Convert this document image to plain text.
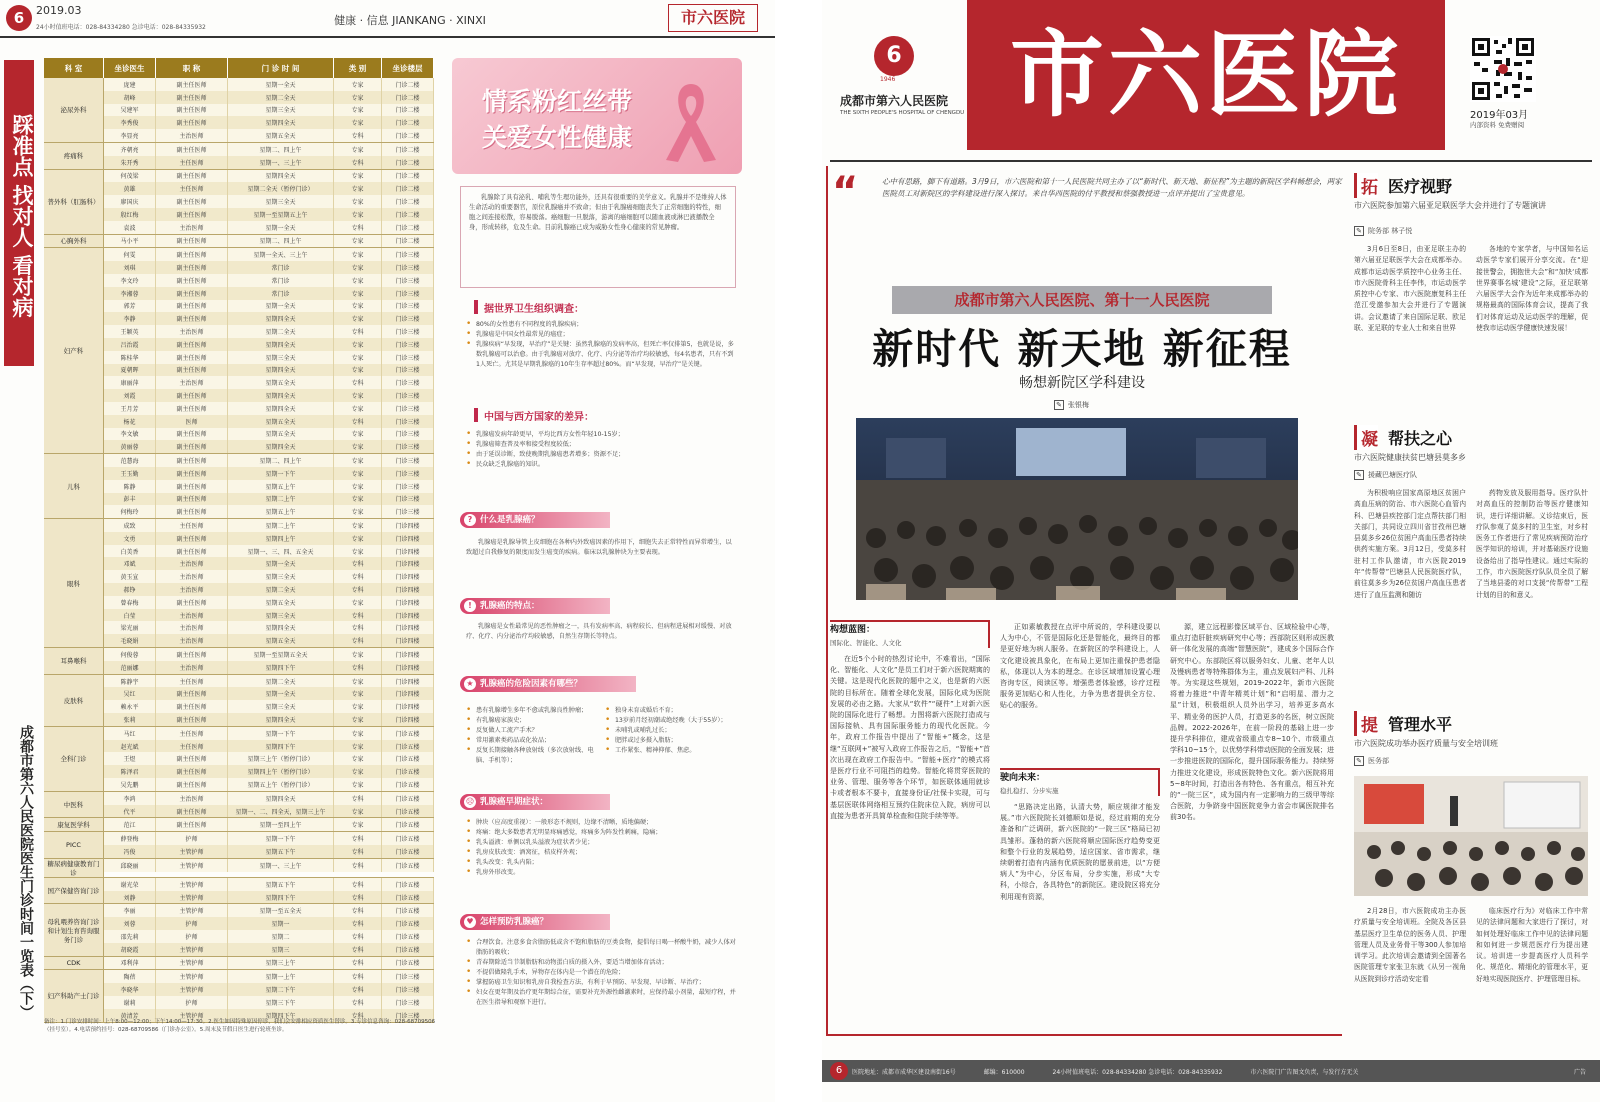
6	2019.03
24小时值班电话：028-84334280 急诊电话：028-84335932
健康 · 信息 JIANKANG · XINXI	市六医院
踩准点 找对人 看对病
成都市第六人民医院医生门诊时间一览表（下）
科 室	坐诊医生	职 称	门 诊 时 间	类 别	坐诊楼层
泌尿外科
庞建	副主任医师	星期一全天	专家	门诊二楼
胡峰	副主任医师	星期二全天	专家	门诊二楼
吴建军	副主任医师	星期三全天	专家	门诊二楼
李秀俊	副主任医师	星期四全天	专家	门诊二楼
李显亮	主治医师	星期五全天	专科	门诊二楼
疼痛科
齐朝亮	副主任医师	星期二、四上午	专家	门诊二楼
朱开秀	主任医师	星期一、三上午	专科	门诊二楼
普外科（肛肠科）
何茂梁	副主任医师	星期四全天	专家	门诊二楼
黄雄	主任医师	星期二全天（暂停门诊）	专家	门诊二楼
廖国庆	副主任医师	星期三全天	专家	门诊二楼
殷红梅	副主任医师	星期一至星期五上午	专家	门诊二楼
袁波	主治医师	星期一全天	专科	门诊二楼
心胸外科	马小平	副主任医师	星期二、四上午	专家	门诊二楼
妇产科
何雯	副主任医师	星期一全天、三上午	专家	门诊三楼
刘琪	副主任医师	常门诊	专家	门诊三楼
李文玲	副主任医师	常门诊	专家	门诊三楼
李湘蓉	副主任医师	常门诊	专家	门诊三楼
郭芳	副主任医师	星期一全天	专家	门诊三楼
李静	副主任医师	星期四全天	专家	门诊三楼
王颖英	主治医师	星期二全天	专科	门诊三楼
吕治霞	副主任医师	星期四全天	专家	门诊三楼
陈桂华	副主任医师	星期三全天	专家	门诊三楼
夏朝晖	副主任医师	星期四全天	专家	门诊三楼
康丽萍	主治医师	星期五全天	专科	门诊三楼
刘霞	副主任医师	星期四全天	专家	门诊三楼
王月芳	副主任医师	星期四全天	专家	门诊三楼
杨花	医师	星期五全天	专科	门诊三楼
李文敏	副主任医师	星期五全天	专家	门诊三楼
黄丽蓉	副主任医师	星期四全天	专家	门诊三楼
儿科
范慧海	副主任医师	星期二、四上午	专家	门诊三楼
王玉勤	副主任医师	星期一下午	专家	门诊三楼
陈静	副主任医师	星期五上午	专家	门诊三楼
彭丰	副主任医师	星期二上午	专家	门诊三楼
何梅玲	副主任医师	星期五上午	专家	门诊三楼
眼科
成致	主任医师	星期二上午	专家	门诊四楼
文勇	副主任医师	星期四上午	专家	门诊四楼
白美香	副主任医师	星期一、三、四、五全天	专家	门诊四楼
邓斌	主治医师	星期一全天	专科	门诊四楼
黄玉宣	主治医师	星期三全天	专科	门诊四楼
郝铮	主治医师	星期二全天	专科	门诊四楼
曾春梅	副主任医师	星期五全天	专家	门诊四楼
白莹	主治医师	星期三全天	专科	门诊四楼
梁光丽	主治医师	星期四全天	专科	门诊四楼
毛晓娟	主治医师	星期五全天	专科	门诊四楼
耳鼻喉科
何俊蓉	副主任医师	星期一至星期五全天	专家	门诊四楼
范丽娜	主治医师	星期四下午	专科	门诊四楼
皮肤科
陈静宇	主任医师	星期二全天	专家	门诊四楼
吴红	副主任医师	星期一全天	专家	门诊四楼
赖永平	副主任医师	星期三全天	专家	门诊四楼
张莉	副主任医师	星期四全天	专家	门诊四楼
全科门诊
马红	主任医师	星期一下午	专家	门诊五楼
赵光斌	主任医师	星期四下午	专家	门诊五楼
王煜	副主任医师	星期三上午（暂停门诊）	专家	门诊五楼
陈泽君	副主任医师	星期四上午（暂停门诊）	专家	门诊五楼
吴先鹏	副主任医师	星期五上午（暂停门诊）	专家	门诊五楼
中医科
李鸿	主治医师	星期四全天	专科	门诊五楼
代平	副主任医师	星期一、二、四全天，星期三上午	专家	门诊五楼
康复医学科	范江	副主任医师	星期一至四上午	专家	门诊五楼
PICC
薛登梅	护师	星期一下午	专科	门诊五楼
冯俊	主管护师	星期五下午	专科	门诊五楼
糖尿病健康教育门诊
邱晓丽	主管护师	星期一、三上午	专科	门诊五楼
国产保健咨询门诊
谢光荣	主管护师	星期五下午	专科	门诊五楼
刘静	主管护师	星期四下午	专科	门诊五楼
母乳喂养咨询门诊和计划生育咨询服务门诊
李丽	主管护师	星期一至五全天	专科	门诊五楼
刘蓉	护师	星期一	专科	门诊五楼
邵先莉	护师	星期二	专科	门诊五楼
胡晓霞	主管护师	星期三	专科	门诊五楼
CDK	邓利萍	主管护师	星期三上午	专科	门诊五楼
妇产科助产士门诊
陶蓓	主管护师	星期一上午	专科	门诊三楼
李晓华	主管护师	星期二下午	专科	门诊三楼
谢莉	护师	星期三下午	专科	门诊三楼
黄清芳	主管护师	星期四下午	专科	门诊三楼
备注：1.门诊安排时间：上午8:00—12:00；下午14:00—17:30。2.医生如因特殊原因停诊，我们会安排相应资质医生替诊。3.专诊信息咨询：028-68709506（挂号室）。4.电话预约挂号：028-68709586（门诊办公室）。5.周末及节假日医生进行轮班坐诊。
情系粉红丝带
关爱女性健康
乳腺除了具有泌乳、哺乳等生理功能外，还具有很重要的美学意义。乳腺并不是维持人体生命活动的重要器官，原位乳腺癌并不致命；但由于乳腺癌细胞丧失了正常细胞的特性，细胞之间连接松散，容易脱落。癌细胞一旦脱落，游离的癌细胞可以随血液或淋巴液播散全身，形成转移，危及生命。目前乳腺癌已成为威胁女性身心健康的常见肿瘤。
据世界卫生组织调查：
• 80%的女性患有不同程度的乳腺疾病；
• 乳腺癌是中国女性最常见的癌症；
• 乳腺疾病“早发现，早治疗”是关键：虽然乳腺癌的发病率高，但死亡率仅排第5，也就是说，多数乳腺癌可以治愈。由于乳腺癌对放疗、化疗、内分泌等治疗均较敏感，每4名患者，只有不到1人死亡。尤其是早期乳腺癌的10年生存率超过80%。而“早发现，早治疗”是关键。
中国与西方国家的差异：
• 乳腺癌发病年龄更早，平均比西方女性年轻10-15岁；
• 乳腺癌筛查普及率和接受程度较低；
• 由于延误诊断，致使晚期乳腺癌患者增多；资源不足；
• 民众缺乏乳腺癌的知识。
? 什么是乳腺癌？
乳腺癌是乳腺导管上皮细胞在各种内外致癌因素的作用下，细胞失去正常特性而异常增生，以致超过自我修复的限度而发生癌变的疾病。临床以乳腺肿块为主要表现。
! 乳腺癌的特点：
乳腺癌是女性最常见的恶性肿瘤之一，具有发病率高、病程较长、但病程进展相对缓慢、对放疗、化疗、内分泌治疗均较敏感，自然生存期长等特点。
★ 乳腺癌的危险因素有哪些？
• 患有乳腺增生多年不愈或乳腺良性肿瘤；
• 有乳腺癌家族史；
• 反复做人工流产手术？
• 常用激素类药品或化妆品；
• 反复长期接触各种放射线（多次放射线、电脑、手机等）；
• 独身未育或婚后不育；
• 13岁前月经初潮或绝经晚（大于55岁）；
• 未哺乳或哺乳过长；
• 肥胖或过多摄入脂肪；
• 工作紧张、精神抑郁、焦虑。
☹ 乳腺癌早期症状：
• 肿块（应高度重视）：一般形态不规则，边缘不清晰，质地偏硬；
• 疼痛：绝大多数患者无明显疼痛感觉，疼痛多为阵发性刺痛，隐痛；
• 乳头溢液：单侧以乳头溢液为症状者少见；
• 乳房皮肤改变：酒窝征，桔皮样外观；
• 乳头改变：乳头内陷；
• 乳房外形改变。
♥ 怎样预防乳腺癌？
• 合理饮食。注意多食含脂肪低或含不饱和脂肪的豆类食物，提倡每日喝一杯酸牛奶，减少人体对脂肪的吸收；
• 青春期除适当节制脂肪和动物蛋白质的摄入外，要适当增加体育活动；
• 不提倡做隆乳手术，异物存在体内是一个潜在的危险；
• 掌握防癌卫生知识和乳房自我检查方法，有利于早预防、早发现、早诊断、早治疗；
• 妇女在更年期及治疗更年期综合征，需要补充外源性雌激素时，应保持最小剂量，最短疗程，并在医生指导和观察下进行。
6
1946
成都市第六人民医院
THE SIXTH PEOPLE'S HOSPITAL OF CHENGDU 市六医院	2019年03月
内部资料 免费赠阅
“	心中有思路，脚下有道路。3月9日，市六医院和第十一人民医院共同主办了以“新时代、新天地、新征程”为主题的新院区学科畅想会，两家医院员工对新院区的学科建设进行深入探讨。来自华西医院的付平教授和蔡强教授进一点评并提出了宝贵意见。
成都市第六人民医院、第十一人民医院
新时代 新天地 新征程
畅想新院区学科建设
✎ 张银梅
构想蓝图：
国际化、智能化、人文化
在近5个小时的热烈讨论中，不难看出，“国际化、智能化、人文化”是员工们对于新六医院期寓的关键。这是现代化医院的题中之义，也是新的六医院的目标所在。随着全球化发展，国际化成为医院发展的必由之路。大家从“软件”“硬件”上对新六医院的国际化进行了畅想。力图将新六医院打造成与国际接轨、具有国际服务能力的现代化医院。今年，政府工作报告中提出了“智能+”概念，这是继“互联网+”被写入政府工作报告之后，“智能+”首次出现在政府工作报告中。“智能+医疗”的模式将是医疗行业不可阻挡的趋势。智能化将贯穿医院的业务、管理、服务等各个环节，如医联体通用就诊卡或者根本不要卡，直接身份证/社保卡实现，可与基层医联体网络相互预约住院床位入院，病房可以直接为患者开具简单检查和住院手续等等。
正如素敏教授在点评中所说的，学科建设要以人为中心，不管是国际化还是智能化，最终目的都是更好地为病人服务。在新院区的学科建设上，人文化建设被具象化，在布局上更加注重保护患者隐私，体现以人为本的理念。在诊区域增加设置心理咨询专区，阅读区等。增强患者体验感，诊疗过程服务更加贴心和人性化，力争为患者提供全方位、贴心的服务。
驶向未来：
稳扎稳打、分步实施
“思路决定出路，认清大势，顺应规律才能发展。”市六医院院长刘德顺如是说，经过前期的充分准备和广泛调研，新六医院的“一院三区”格局已初具雏形。蓬勃的新六医院将顺应国际医疗趋势变更和整个行业的发展趋势，适应国家、省市需求，继续朝着打造有内涵有优质医院的愿景前进，以“方便病人”为中心，分区布局，分步实施，形成“大专科，小综合，各具特色”的新院区。建设院区将充分利用现有资源，
源，建立远程影像区域平台、区域检验中心等，重点打造肝脏疾病研究中心等；西部院区则形成医教研一体化发展的高端“智慧医院”，建成多个国际合作研究中心。东部院区将以服务妇女、儿童、老年人以及慢病患者等特殊群体为主，重点发展妇产科、儿科等。为实现这些规划，2019-2022年，新市六医院将着力推进“中青年精英计划”和“启明星、潜力之星”计划，积极组织人员外出学习，培养更多高水平、精业务的医护人员，打造更多的名医，树立医院品牌。2022-2026年，在前一阶段的基础上进一步提升学科排位，建成省级重点专8~10个、市级重点学科10~15个，以优势学科带动医院的全面发展；进一步推进医院的国际化，提升国际服务能力。持续努力推进文化建设，形成医院特色文化。新六医院将用5~8年时间，打造出各有特色、各有重点，相互补充的“一院三区”，成为国内有一定影响力的三级甲等综合医院，力争跻身中国医院竞争力省会市属医院排名前30名。
拓 医疗视野
市六医院参加第六届亚足联医学大会并进行了专题演讲
✎ 院务部 林子悦
3月6日至8日，由亚足联主办的第六届亚足联医学大会在成都举办。成都市运动医学质控中心业务主任、市六医院骨科主任李伟，市运动医学质控中心专家、市六医院康复科主任范江受邀参加大会并进行了专题演讲。会议邀请了来自国际足联、欧足联、亚足联的专业人士和来自世界
各地的专家学者，与中国知名运动医学专家们展开分享交流。在“迎接世警会，拥抱世大会”和“加快‘成都世界赛事名城’建设”之际，亚足联第六届医学大会作为近年来成都举办的规格最高的国际体育会议，提高了我们对体育运动及运动医学的理解，促使我市运动医学健康快速发展！
凝 帮扶之心
市六医院健康扶贫巴塘县莫多乡
✎ 援藏巴塘医疗队
为积极响应国家高原地区贫困户高血压病的防治、市六医院心血管内科、巴塘县疾控部门定点帮扶部门相关部门，共同设立四川省甘孜州巴塘县莫多乡26位贫困户高血压患者持续供药实施方案。3月12日，受莫多村驻村工作队邀请，市六医院2019年“传帮带”巴塘县人民医院医疗队，前往莫多乡为26位贫困户高血压患者进行了血压监测和随访
药物发放及服用指导。医疗队针对高血压的控制防治等医疗健康知识，进行详细讲解。义诊结束后，医疗队参观了莫多村的卫生室，对乡村医务工作者进行了常见疾病预防治疗医学知识的培训，并对基础医疗设施设备给出了指导性建议。通过实际的工作，市六医院医疗队队员全员了解了当地县委的对口支援“传帮带”工程计划的目的和意义。
提 管理水平
市六医院成功举办医疗质量与安全培训班
✎ 医务部
2月28日，市六医院成功主办医疗质量与安全培训班。全院及各区县基层医疗卫生单位的医务人员、护理管理人员及业务骨干等300人参加培训学习。此次培训会邀请到全国著名医院管理专家张卫东就《从另一视角从医院到诊疗活动安定看
临床医疗行为》对临床工作中常见的法律问题和大家进行了探讨，对如何处理好临床工作中见的法律问题和如何进一步规范医疗行为提出建议。培训进一步提高医疗人员科学化、规范化、精细化的管理水平，更好地实现医院医疗、护理管理目标。
6	医院地址：成都市成华区建设南街16号	邮编：610000	24小时值班电话：028-84334280 急诊电话：028-84335932	市六医院门广告图文负责，与发行方无关	广告
